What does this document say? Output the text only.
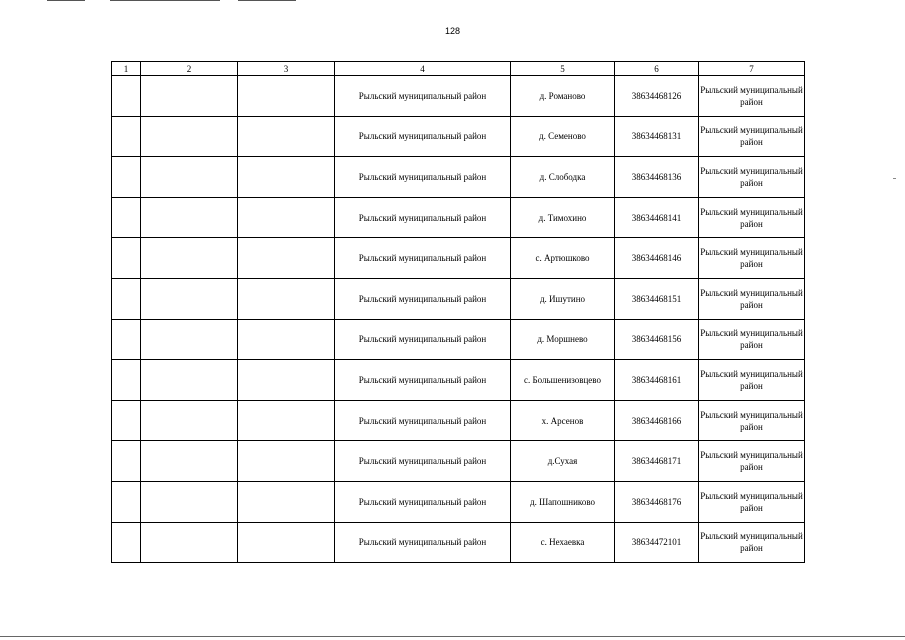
128
1	2	3	4	5	6	7
			Рыльский муниципальный район	д. Романово	38634468126	Рыльский муниципальный район
			Рыльский муниципальный район	д. Семеново	38634468131	Рыльский муниципальный район
			Рыльский муниципальный район	д. Слободка	38634468136	Рыльский муниципальный район
			Рыльский муниципальный район	д. Тимохино	38634468141	Рыльский муниципальный район
			Рыльский муниципальный район	с. Артюшково	38634468146	Рыльский муниципальный район
			Рыльский муниципальный район	д. Ишутино	38634468151	Рыльский муниципальный район
			Рыльский муниципальный район	д. Моршнево	38634468156	Рыльский муниципальный район
			Рыльский муниципальный район	с. Большенизовцево	38634468161	Рыльский муниципальный район
			Рыльский муниципальный район	х. Арсенов	38634468166	Рыльский муниципальный район
			Рыльский муниципальный район	д.Сухая	38634468171	Рыльский муниципальный район
			Рыльский муниципальный район	д. Шапошниково	38634468176	Рыльский муниципальный район
			Рыльский муниципальный район	с. Нехаевка	38634472101	Рыльский муниципальный район
